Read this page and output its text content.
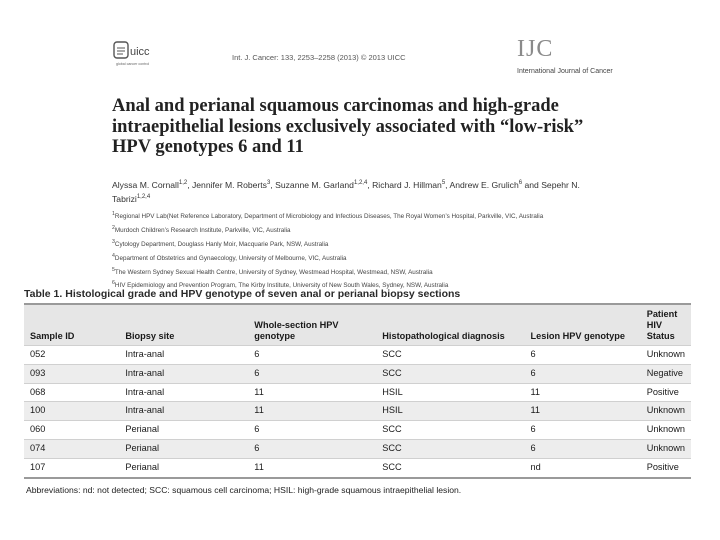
uicc
global cancer control
Int. J. Cancer: 133, 2253–2258 (2013) © 2013 UICC	IJC
International Journal of Cancer
Anal and perianal squamous carcinomas and high-grade intraepithelial lesions exclusively associated with “low-risk” HPV genotypes 6 and 11
Alyssa M. Cornall$^{1,2}$, Jennifer M. Roberts$^3$, Suzanne M. Garland$^{1,2,4}$, Richard J. Hillman$^5$, Andrew E. Grulich$^6$ and Sepehr N. Tabrizi$^{1,2,4}$
$^1$Regional HPV Lab(Net Reference Laboratory, Department of Microbiology and Infectious Diseases, The Royal Women’s Hospital, Parkville, VIC, Australia
$^2$Murdoch Children’s Research Institute, Parkville, VIC, Australia
$^3$Cytology Department, Douglass Hanly Moir, Macquarie Park, NSW, Australia
$^4$Department of Obstetrics and Gynaecology, University of Melbourne, VIC, Australia
$^5$The Western Sydney Sexual Health Centre, University of Sydney, Westmead Hospital, Westmead, NSW, Australia
$^6$HIV Epidemiology and Prevention Program, The Kirby Institute, University of New South Wales, Sydney, NSW, Australia
Table 1. Histological grade and HPV genotype of seven anal or perianal biopsy sections
Sample ID	Biopsy site	Whole-section HPV genotype	Histopathological diagnosis	Lesion HPV genotype	Patient HIV Status
052	Intra-anal	6	SCC	6	Unknown
093	Intra-anal	6	SCC	6	Negative
068	Intra-anal	11	HSIL	11	Positive
100	Intra-anal	11	HSIL	11	Unknown
060	Perianal	6	SCC	6	Unknown
074	Perianal	6	SCC	6	Unknown
107	Perianal	11	SCC	nd	Positive
Abbreviations: nd: not detected; SCC: squamous cell carcinoma; HSIL: high-grade squamous intraepithelial lesion.
